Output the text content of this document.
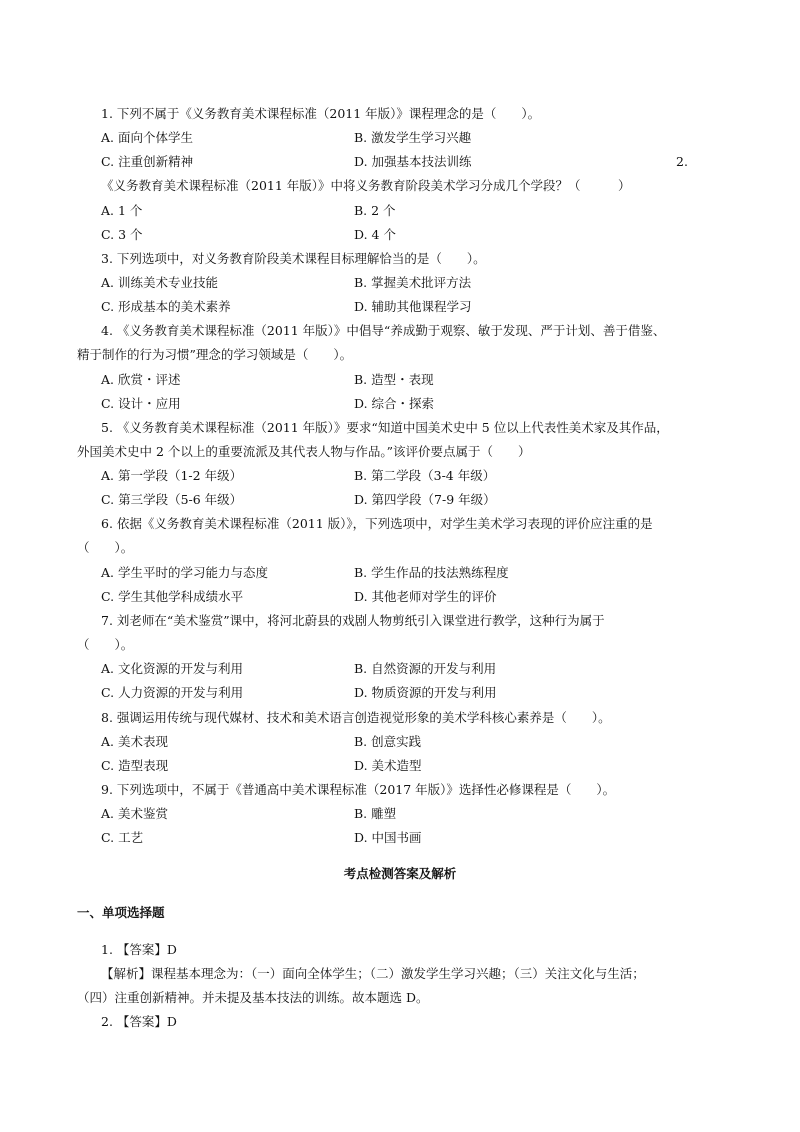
1. 下列不属于《义务教育美术课程标准（2011 年版）》课程理念的是（　　）。
A. 面向个体学生	B. 激发学生学习兴趣
C. 注重创新精神	D. 加强基本技法训练	2.
《义务教育美术课程标准（2011 年版）》中将义务教育阶段美术学习分成几个学段？（　　　）
A. 1 个	B. 2 个
C. 3 个	D. 4 个
3. 下列选项中，对义务教育阶段美术课程目标理解恰当的是（　　）。
A. 训练美术专业技能	B. 掌握美术批评方法
C. 形成基本的美术素养	D. 辅助其他课程学习
4. 《义务教育美术课程标准（2011 年版）》中倡导“养成勤于观察、敏于发现、严于计划、善于借鉴、
精于制作的行为习惯”理念的学习领域是（　　）。
A. 欣赏・评述	B. 造型・表现
C. 设计・应用	D. 综合・探索
5. 《义务教育美术课程标准（2011 年版）》要求“知道中国美术史中 5 位以上代表性美术家及其作品，
外国美术史中 2 个以上的重要流派及其代表人物与作品。”该评价要点属于（　　）
A. 第一学段（1-2 年级）	B. 第二学段（3-4 年级）
C. 第三学段（5-6 年级）	D. 第四学段（7-9 年级）
6. 依据《义务教育美术课程标准（2011 版）》，下列选项中，对学生美术学习表现的评价应注重的是
（　　）。
A. 学生平时的学习能力与态度	B. 学生作品的技法熟练程度
C. 学生其他学科成绩水平	D. 其他老师对学生的评价
7. 刘老师在“美术鉴赏”课中，将河北蔚县的戏剧人物剪纸引入课堂进行教学，这种行为属于
（　　）。
A. 文化资源的开发与利用	B. 自然资源的开发与利用
C. 人力资源的开发与利用	D. 物质资源的开发与利用
8. 强调运用传统与现代媒材、技术和美术语言创造视觉形象的美术学科核心素养是（　　）。
A. 美术表现	B. 创意实践
C. 造型表现	D. 美术造型
9. 下列选项中，不属于《普通高中美术课程标准（2017 年版）》选择性必修课程是（　　）。
A. 美术鉴赏	B. 雕塑
C. 工艺	D. 中国书画
考点检测答案及解析
一、单项选择题
1. 【答案】D
【解析】课程基本理念为：（一）面向全体学生；（二）激发学生学习兴趣；（三）关注文化与生活；
（四）注重创新精神。并未提及基本技法的训练。故本题选 D。
2. 【答案】D
